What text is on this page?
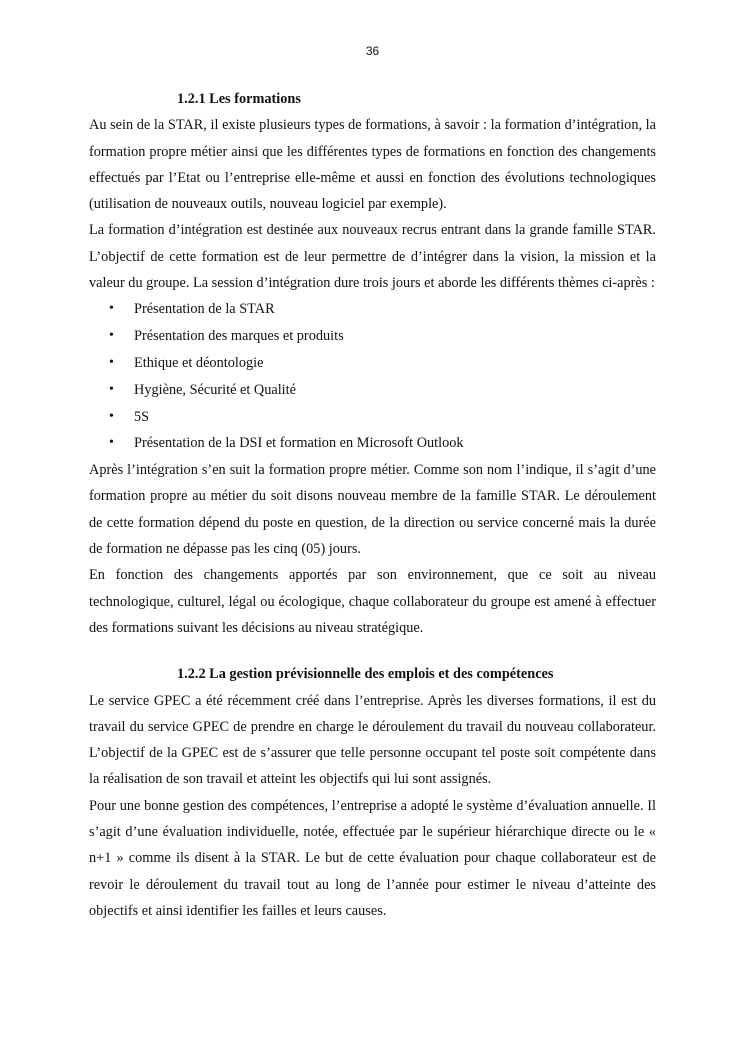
36

1.2.1 Les formations

Au sein de la STAR, il existe plusieurs types de formations, à savoir : la formation d’intégration, la formation propre métier ainsi que les différentes types de formations en fonction des changements effectués par l’Etat ou l’entreprise elle-même et aussi en fonction des évolutions technologiques (utilisation de nouveaux outils, nouveau logiciel par exemple).

La formation d’intégration est destinée aux nouveaux recrus entrant dans la grande famille STAR. L’objectif de cette formation est de leur permettre de d’intégrer dans la vision, la mission et la valeur du groupe. La session d’intégration dure trois jours et aborde les différents thèmes ci-après :

• Présentation de la STAR
• Présentation des marques et produits
• Ethique et déontologie
• Hygiène, Sécurité et Qualité
• 5S
• Présentation de la DSI et formation en Microsoft Outlook

Après l’intégration s’en suit la formation propre métier. Comme son nom l’indique, il s’agit d’une formation propre au métier du soit disons nouveau membre de la famille STAR. Le déroulement de cette formation dépend du poste en question, de la direction ou service concerné mais la durée de formation ne dépasse pas les cinq (05) jours.

En fonction des changements apportés par son environnement, que ce soit au niveau technologique, culturel, légal ou écologique, chaque collaborateur du groupe est amené à effectuer des formations suivant les décisions au niveau stratégique.

1.2.2 La gestion prévisionnelle des emplois et des compétences

Le service GPEC a été récemment créé dans l’entreprise. Après les diverses formations, il est du travail du service GPEC de prendre en charge le déroulement du travail du nouveau collaborateur. L’objectif de la GPEC est de s’assurer que telle personne occupant tel poste soit compétente dans la réalisation de son travail et atteint les objectifs qui lui sont assignés.

Pour une bonne gestion des compétences, l’entreprise a adopté le système d’évaluation annuelle. Il s’agit d’une évaluation individuelle, notée, effectuée par le supérieur hiérarchique directe ou le « n+1 » comme ils disent à la STAR. Le but de cette évaluation pour chaque collaborateur est de revoir le déroulement du travail tout au long de l’année pour estimer le niveau d’atteinte des objectifs et ainsi identifier les failles et leurs causes.
